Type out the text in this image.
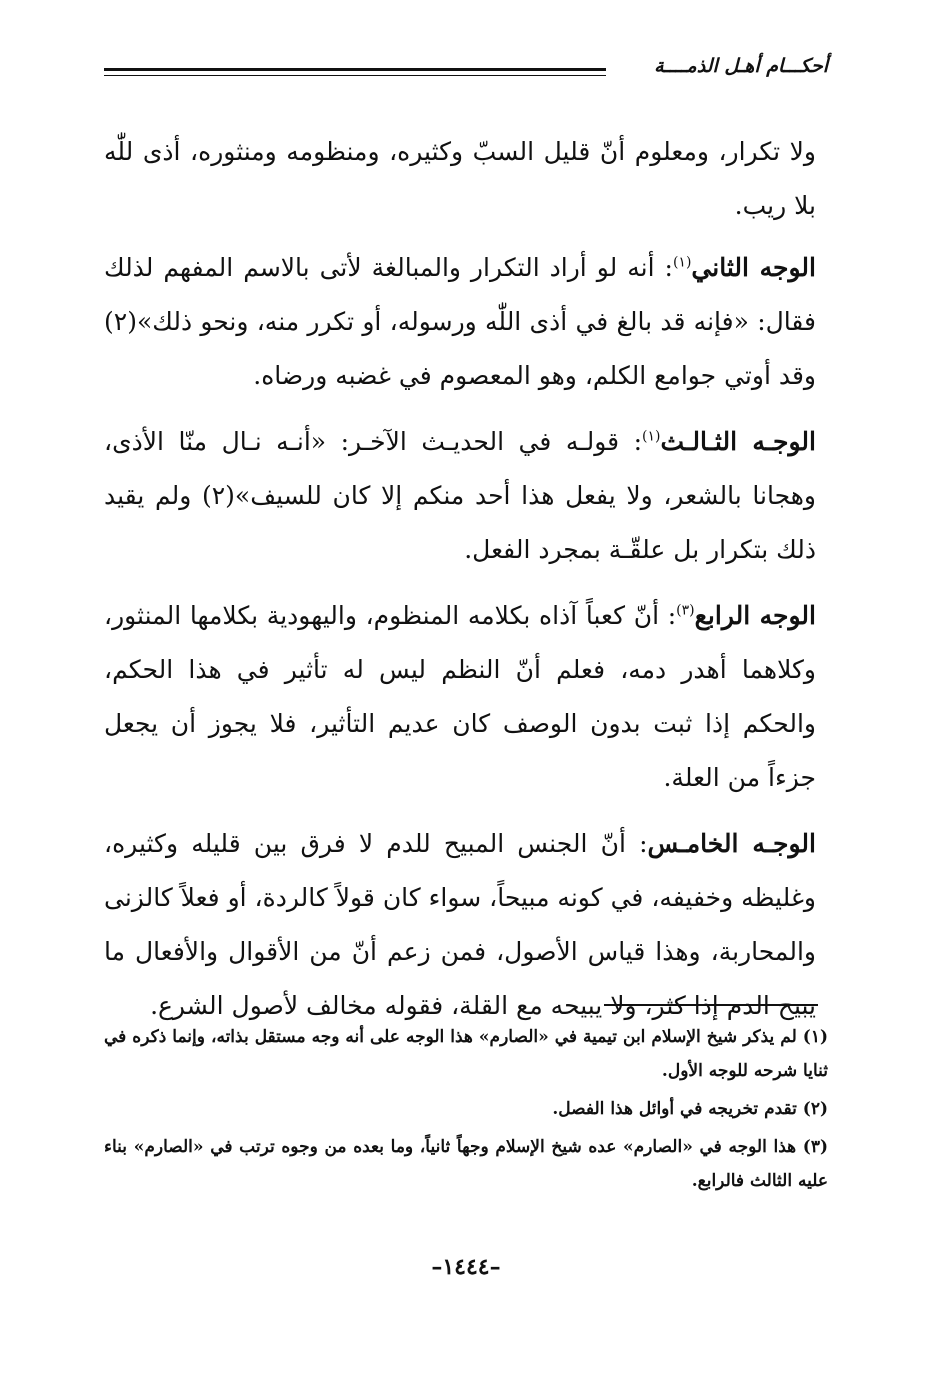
أحكـــام أهـل الذمــــة

ولا تكرار، ومعلوم أنّ قليل السبّ وكثيره، ومنظومه ومنثوره، أذى للّٰه بلا ريب.

الوجه الثاني$^{(١)}$: أنه لو أراد التكرار والمبالغة لأتى بالاسم المفهم لذلك فقال: «فإنه قد بالغ في أذى اللّٰه ورسوله، أو تكرر منه، ونحو ذلك»(٢) وقد أوتي جوامع الكلم، وهو المعصوم في غضبه ورضاه.

الوجـه الثـالـث$^{(١)}$: قولـه في الحديـث الآخـر: «أنـه نـال منّا الأذى، وهجانا بالشعر، ولا يفعل هذا أحد منكم إلا كان للسيف»(٢) ولم يقيد ذلك بتكرار بل علقّـة بمجرد الفعل.

الوجه الرابع$^{(٣)}$: أنّ كعباً آذاه بكلامه المنظوم، واليهودية بكلامها المنثور، وكلاهما أهدر دمه، فعلم أنّ النظم ليس له تأثير في هذا الحكم، والحكم إذا ثبت بدون الوصف كان عديم التأثير، فلا يجوز أن يجعل جزءاً من العلة.

الوجـه الخامـس: أنّ الجنس المبيح للدم لا فرق بين قليله وكثيره، وغليظه وخفيفه، في كونه مبيحاً، سواء كان قولاً كالردة، أو فعلاً كالزنى والمحاربة، وهذا قياس الأصول، فمن زعم أنّ من الأقوال والأفعال ما يبيح الدم إذا كثر، ولا يبيحه مع القلة، فقوله مخالف لأصول الشرع.

(١) لم يذكر شيخ الإسلام ابن تيمية في «الصارم» هذا الوجه على أنه وجه مستقل بذاته، وإنما ذكره في ثنايا شرحه للوجه الأول.

(٢) تقدم تخريجه في أوائل هذا الفصل.

(٣) هذا الوجه في «الصارم» عده شيخ الإسلام وجهاً ثانياً، وما بعده من وجوه ترتب في «الصارم» بناء عليه الثالث فالرابع.

–١٤٤٤–
